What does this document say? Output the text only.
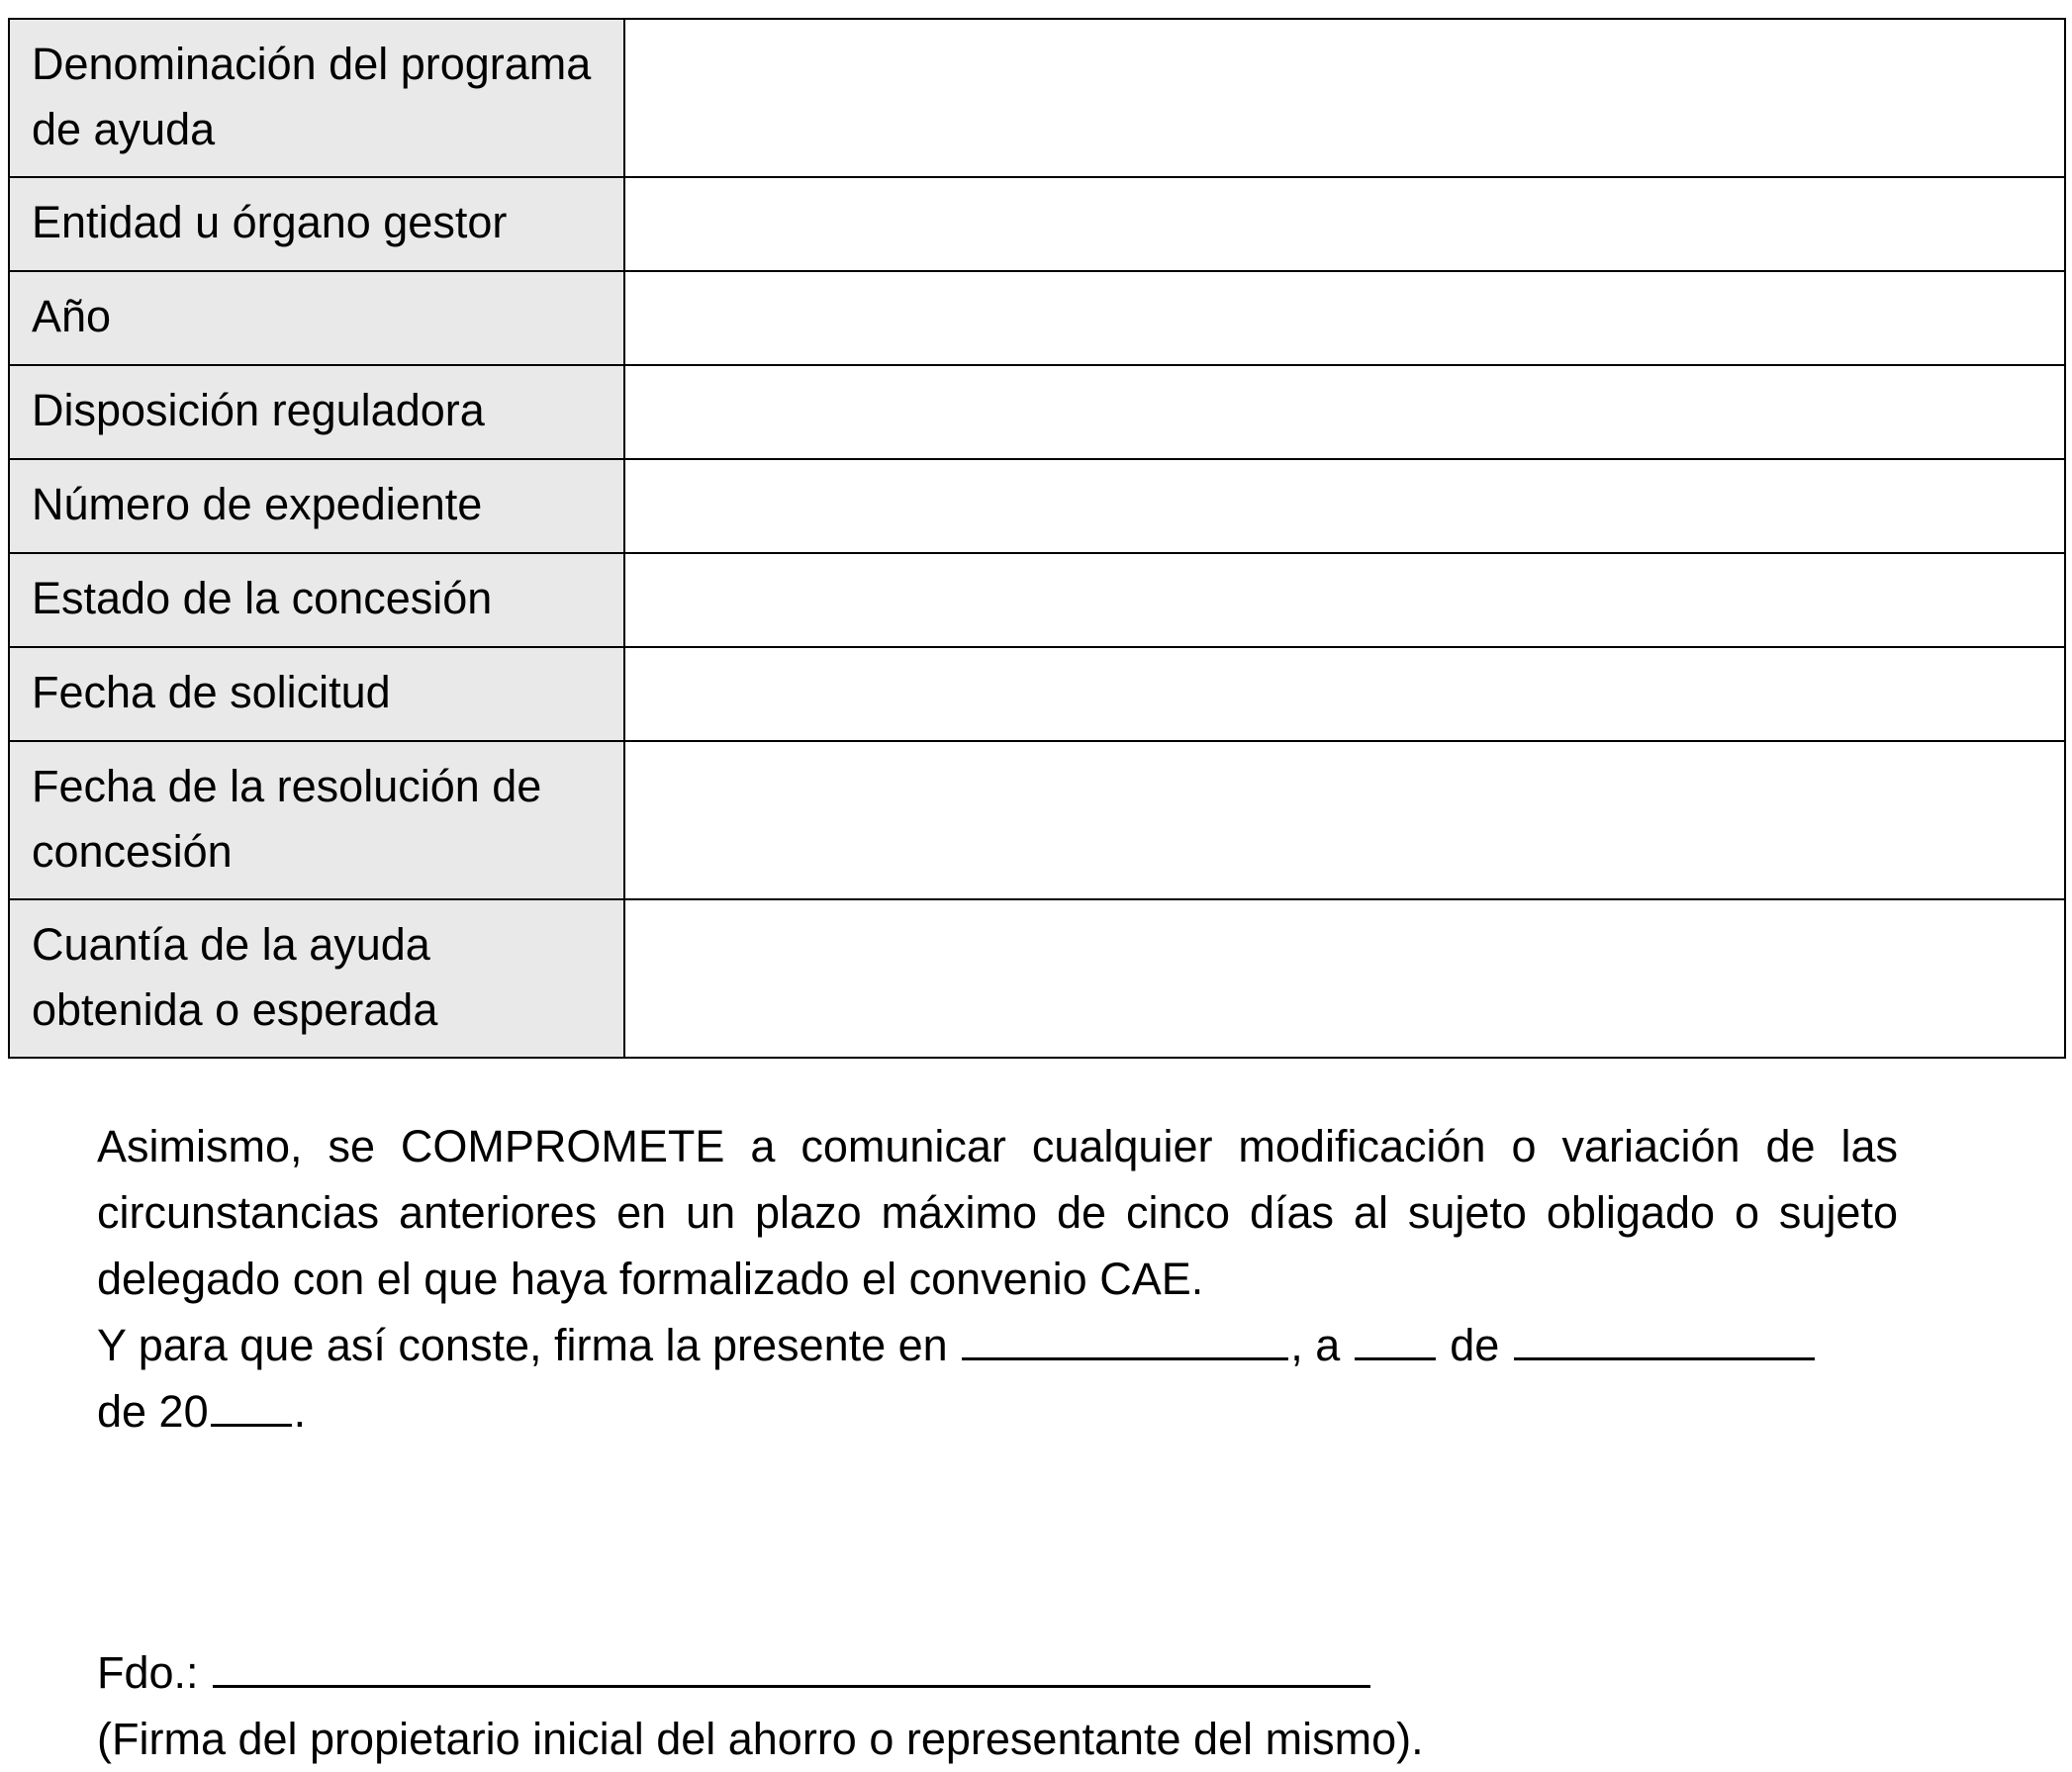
Denominación del programa de ayuda	
Entidad u órgano gestor	
Año	
Disposición reguladora	
Número de expediente	
Estado de la concesión	
Fecha de solicitud	
Fecha de la resolución de concesión	
Cuantía de la ayuda obtenida o esperada	

Asimismo, se COMPROMETE a comunicar cualquier modificación o variación de las circunstancias anteriores en un plazo máximo de cinco días al sujeto obligado o sujeto delegado con el que haya formalizado el convenio CAE.

Y para que así conste, firma la presente en	, a de
de 20 .

Fdo.:
(Firma del propietario inicial del ahorro o representante del mismo).
